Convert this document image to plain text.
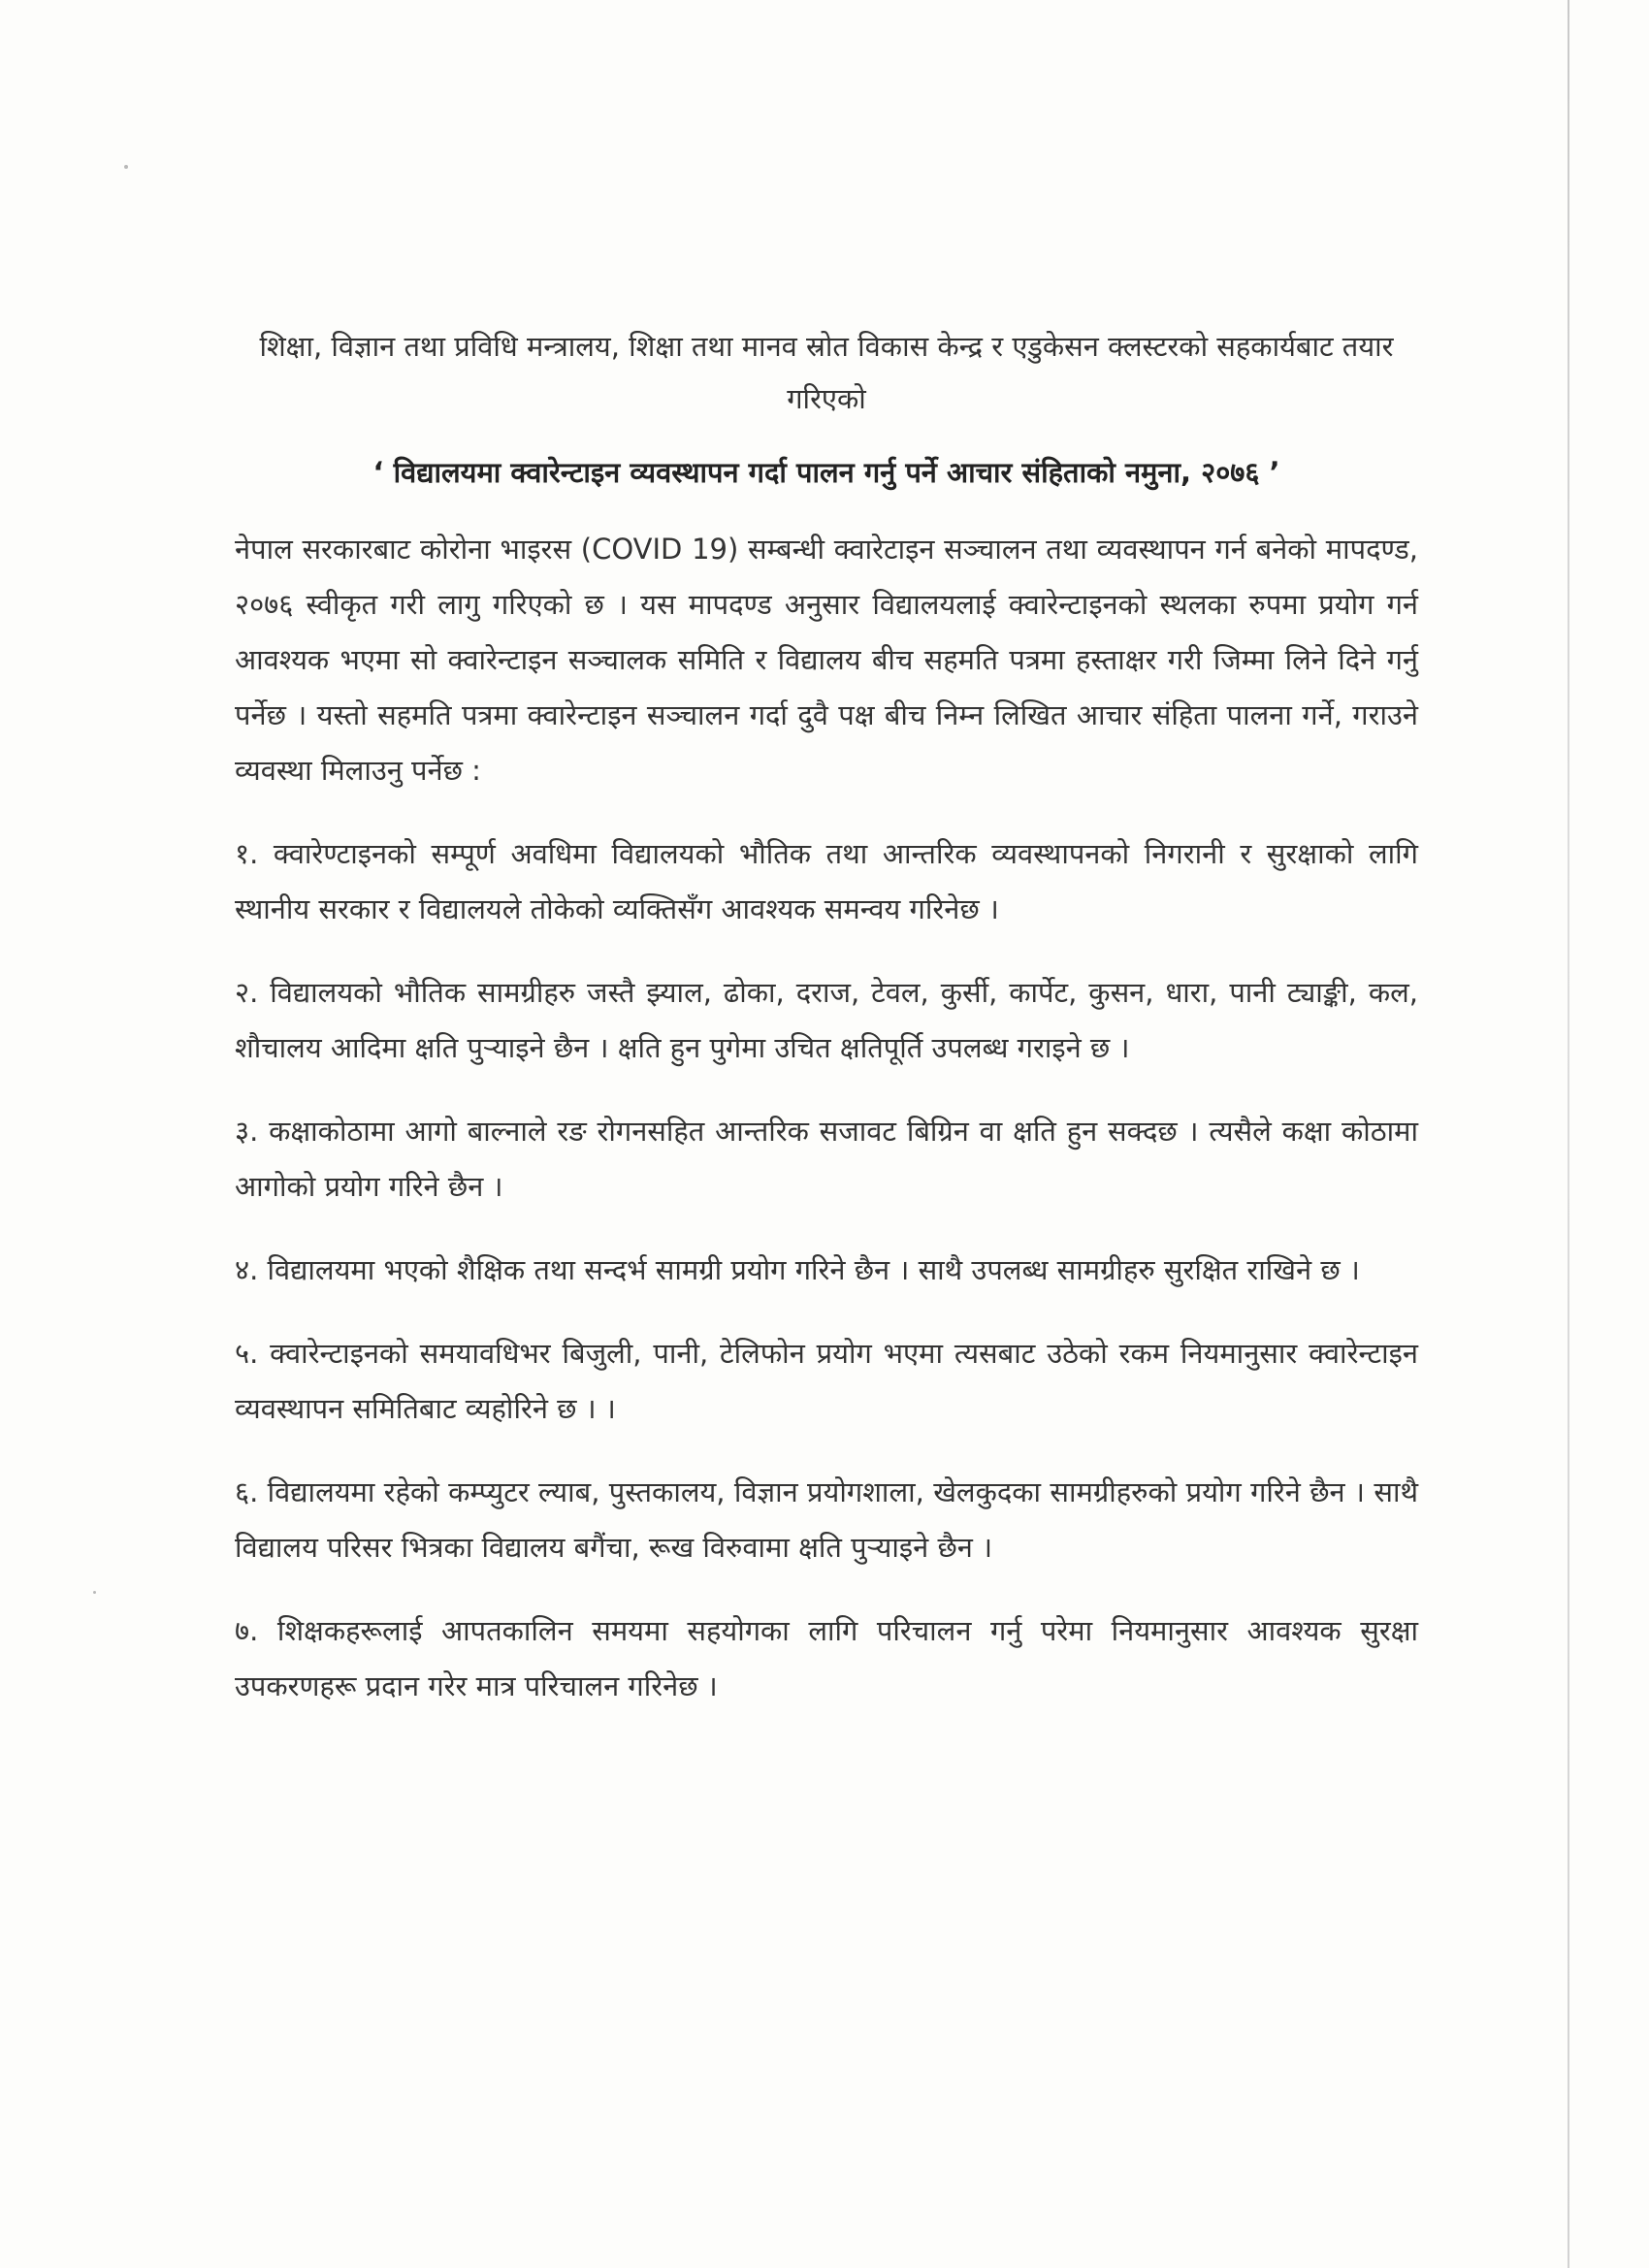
शिक्षा, विज्ञान तथा प्रविधि मन्त्रालय, शिक्षा तथा मानव स्रोत विकास केन्द्र र एडुकेसन क्लस्टरको सहकार्यबाट तयार गरिएको
‘ विद्यालयमा क्वारेन्टाइन व्यवस्थापन गर्दा पालन गर्नु पर्ने आचार संहिताको नमुना, २०७६ ’

नेपाल सरकारबाट कोरोना भाइरस (COVID 19) सम्बन्धी क्वारेटाइन सञ्चालन तथा व्यवस्थापन गर्न बनेको मापदण्ड, २०७६ स्वीकृत गरी लागु गरिएको छ । यस मापदण्ड अनुसार विद्यालयलाई क्वारेन्टाइनको स्थलका रुपमा प्रयोग गर्न आवश्यक भएमा सो क्वारेन्टाइन सञ्चालक समिति र विद्यालय बीच सहमति पत्रमा हस्ताक्षर गरी जिम्मा लिने दिने गर्नु पर्नेछ । यस्तो सहमति पत्रमा क्वारेन्टाइन सञ्चालन गर्दा दुवै पक्ष बीच निम्न लिखित आचार संहिता पालना गर्ने, गराउने व्यवस्था मिलाउनु पर्नेछ :

१. क्वारेण्टाइनको सम्पूर्ण अवधिमा विद्यालयको भौतिक तथा आन्तरिक व्यवस्थापनको निगरानी र सुरक्षाको लागि स्थानीय सरकार र विद्यालयले तोकेको व्यक्तिसँग आवश्यक समन्वय गरिनेछ ।

२. विद्यालयको भौतिक सामग्रीहरु जस्तै झ्याल, ढोका, दराज, टेवल, कुर्सी, कार्पेट, कुसन, धारा, पानी ट्याङ्की, कल, शौचालय आदिमा क्षति पुर्‍याइने छैन । क्षति हुन पुगेमा उचित क्षतिपूर्ति उपलब्ध गराइने छ ।

३. कक्षाकोठामा आगो बाल्नाले रङ रोगनसहित आन्तरिक सजावट बिग्रिन वा क्षति हुन सक्दछ । त्यसैले कक्षा कोठामा आगोको प्रयोग गरिने छैन ।

४. विद्यालयमा भएको शैक्षिक तथा सन्दर्भ सामग्री प्रयोग गरिने छैन । साथै उपलब्ध सामग्रीहरु सुरक्षित राखिने छ ।

५. क्वारेन्टाइनको समयावधिभर बिजुली, पानी, टेलिफोन प्रयोग भएमा त्यसबाट उठेको रकम नियमानुसार क्वारेन्टाइन व्यवस्थापन समितिबाट व्यहोरिने छ । ।

६. विद्यालयमा रहेको कम्प्युटर ल्याब, पुस्तकालय, विज्ञान प्रयोगशाला, खेलकुदका सामग्रीहरुको प्रयोग गरिने छैन । साथै विद्यालय परिसर भित्रका विद्यालय बगैंचा, रूख विरुवामा क्षति पुर्‍याइने छैन ।

७. शिक्षकहरूलाई आपतकालिन समयमा सहयोगका लागि परिचालन गर्नु परेमा नियमानुसार आवश्यक सुरक्षा उपकरणहरू प्रदान गरेर मात्र परिचालन गरिनेछ ।
